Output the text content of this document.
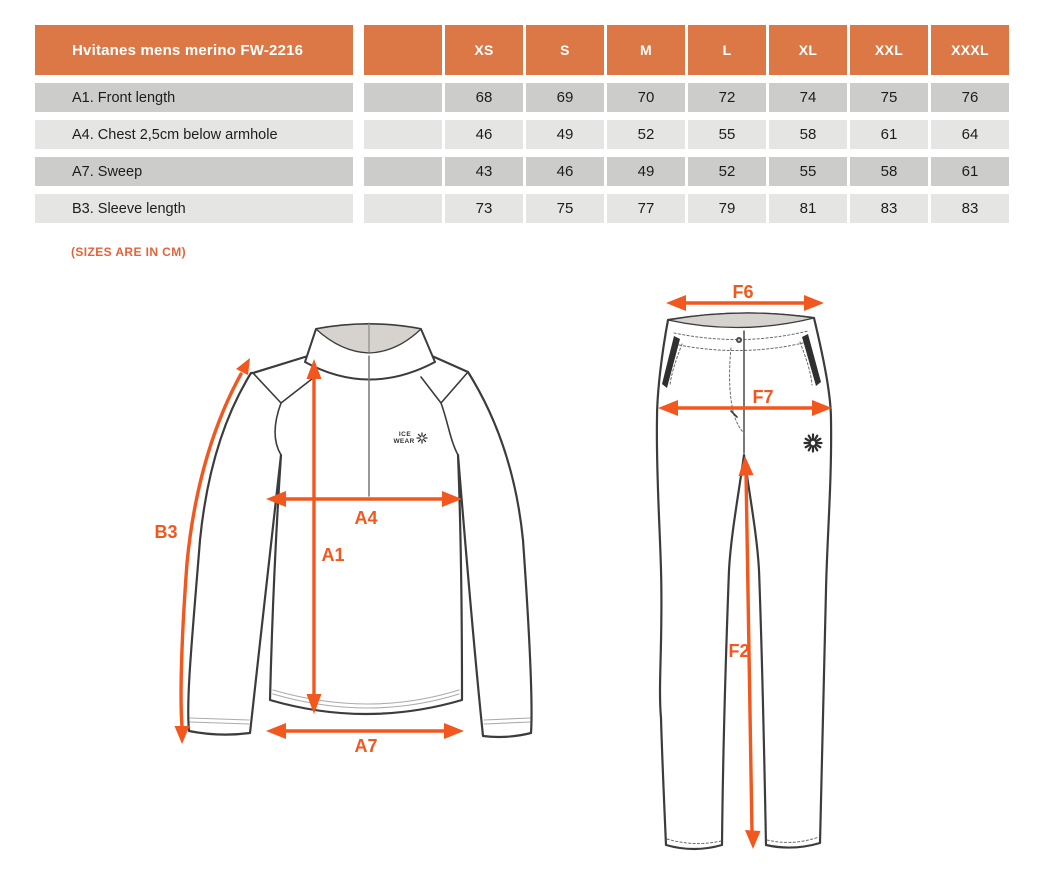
Hvitanes mens merino FW-2216	XS	S	M	L	XL	XXL	XXXL
A1. Front length	68	69	70	72	74	75	76
A4. Chest 2,5cm below armhole	46	49	52	55	58	61	64
A7. Sweep	43	46	49	52	55	58	61
B3. Sleeve length	73	75	77	79	81	83	83
(SIZES ARE IN CM)
ICE
WEAR
B3
A1
A4
A7
F6
F7
F2
